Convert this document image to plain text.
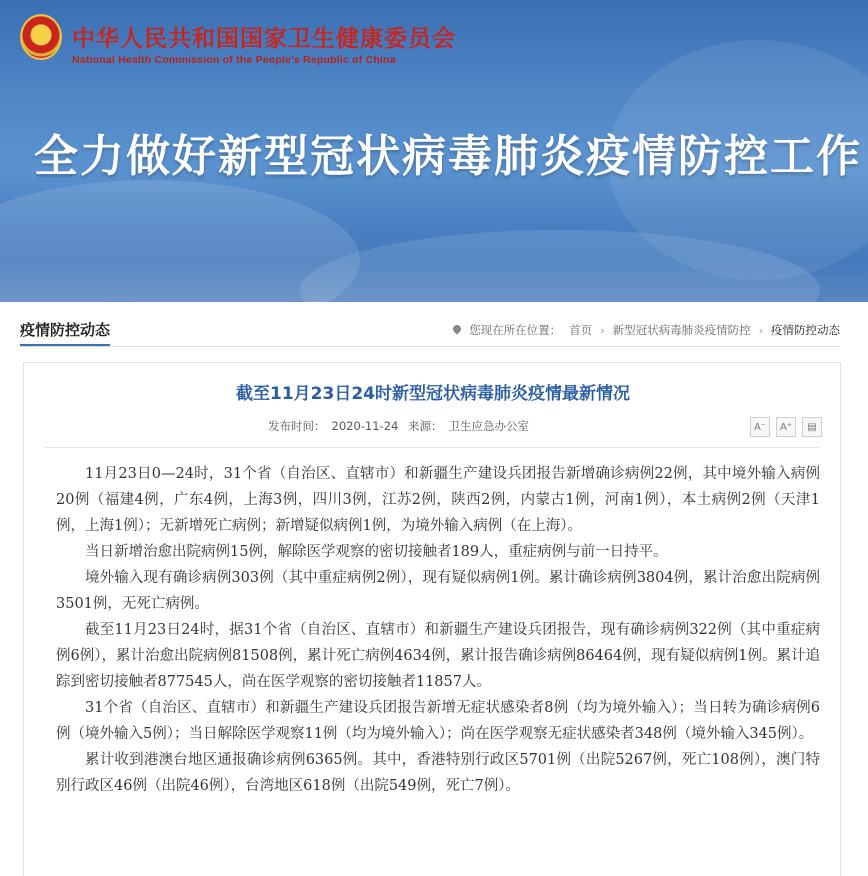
★ 中华人民共和国国家卫生健康委员会
National Health Commission of the People's Republic of China
全力做好新型冠状病毒肺炎疫情防控工作
疫情防控动态	您现在所在位置： 首页 › 新型冠状病毒肺炎疫情防控 › 疫情防控动态
截至11月23日24时新型冠状病毒肺炎疫情最新情况
发布时间： 2020-11-24 来源： 卫生应急办公室	A⁻	A⁺	▤

11月23日0—24时，31个省（自治区、直辖市）和新疆生产建设兵团报告新增确诊病例22例，其中境外输入病例20例（福建4例，广东4例，上海3例，四川3例，江苏2例，陕西2例，内蒙古1例，河南1例），本土病例2例（天津1例，上海1例）；无新增死亡病例；新增疑似病例1例，为境外输入病例（在上海）。

当日新增治愈出院病例15例，解除医学观察的密切接触者189人，重症病例与前一日持平。

境外输入现有确诊病例303例（其中重症病例2例），现有疑似病例1例。累计确诊病例3804例，累计治愈出院病例3501例，无死亡病例。

截至11月23日24时，据31个省（自治区、直辖市）和新疆生产建设兵团报告，现有确诊病例322例（其中重症病例6例），累计治愈出院病例81508例，累计死亡病例4634例，累计报告确诊病例86464例，现有疑似病例1例。累计追踪到密切接触者877545人，尚在医学观察的密切接触者11857人。

31个省（自治区、直辖市）和新疆生产建设兵团报告新增无症状感染者8例（均为境外输入）；当日转为确诊病例6例（境外输入5例）；当日解除医学观察11例（均为境外输入）；尚在医学观察无症状感染者348例（境外输入345例）。

累计收到港澳台地区通报确诊病例6365例。其中，香港特别行政区5701例（出院5267例，死亡108例），澳门特别行政区46例（出院46例），台湾地区618例（出院549例，死亡7例）。
